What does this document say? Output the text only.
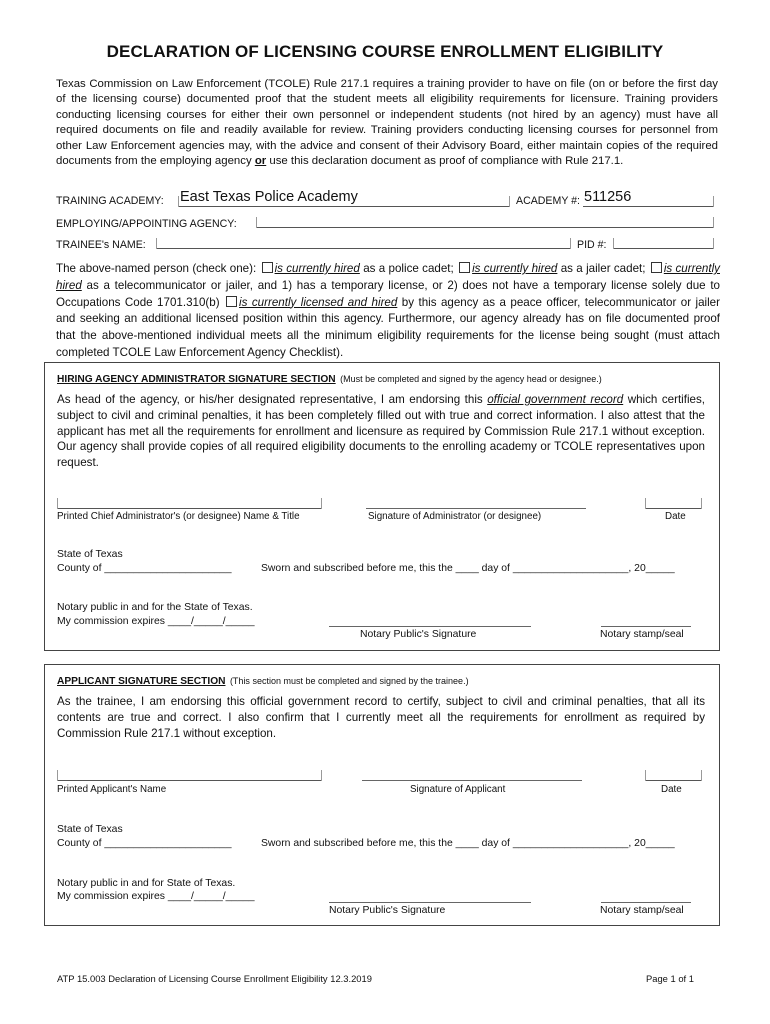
DECLARATION OF LICENSING COURSE ENROLLMENT ELIGIBILITY
Texas Commission on Law Enforcement (TCOLE) Rule 217.1 requires a training provider to have on file (on or before the first day of the licensing course) documented proof that the student meets all eligibility requirements for licensure. Training providers conducting licensing courses for either their own personnel or independent students (not hired by an agency) must have all required documents on file and readily available for review. Training providers conducting licensing courses for personnel from other Law Enforcement agencies may, with the advice and consent of their Advisory Board, either maintain copies of the required documents from the employing agency or use this declaration document as proof of compliance with Rule 217.1.
TRAINING ACADEMY: East Texas Police Academy	ACADEMY #: 511256
EMPLOYING/APPOINTING AGENCY:
TRAINEE's NAME:	PID #:
The above-named person (check one): is currently hired as a police cadet; is currently hired as a jailer cadet; is currently hired as a telecommunicator or jailer, and 1) has a temporary license, or 2) does not have a temporary license solely due to Occupations Code 1701.310(b) is currently licensed and hired by this agency as a peace officer, telecommunicator or jailer and seeking an additional licensed position within this agency. Furthermore, our agency already has on file documented proof that the above-mentioned individual meets all the minimum eligibility requirements for the license being sought (must attach completed TCOLE Law Enforcement Agency Checklist).
HIRING AGENCY ADMINISTRATOR SIGNATURE SECTION (Must be completed and signed by the agency head or designee.)
As head of the agency, or his/her designated representative, I am endorsing this official government record which certifies, subject to civil and criminal penalties, it has been completely filled out with true and correct information. I also attest that the applicant has met all the requirements for enrollment and licensure as required by Commission Rule 217.1 without exception. Our agency shall provide copies of all required eligibility documents to the enrolling academy or TCOLE representatives upon request.
Printed Chief Administrator's (or designee) Name & Title	Signature of Administrator (or designee)	Date
State of Texas
County of ______________________	Sworn and subscribed before me, this the ____ day of ____________________, 20_____
Notary public in and for the State of Texas.
My commission expires ____/_____/_____
Notary Public's Signature	Notary stamp/seal
APPLICANT SIGNATURE SECTION (This section must be completed and signed by the trainee.)
As the trainee, I am endorsing this official government record to certify, subject to civil and criminal penalties, that all its contents are true and correct. I also confirm that I currently meet all the requirements for enrollment as required by Commission Rule 217.1 without exception.
Printed Applicant's Name	Signature of Applicant	Date
State of Texas
County of ______________________	Sworn and subscribed before me, this the ____ day of ____________________, 20_____
Notary public in and for State of Texas.
My commission expires ____/_____/_____
Notary Public's Signature	Notary stamp/seal
ATP 15.003 Declaration of Licensing Course Enrollment Eligibility 12.3.2019	Page 1 of 1
